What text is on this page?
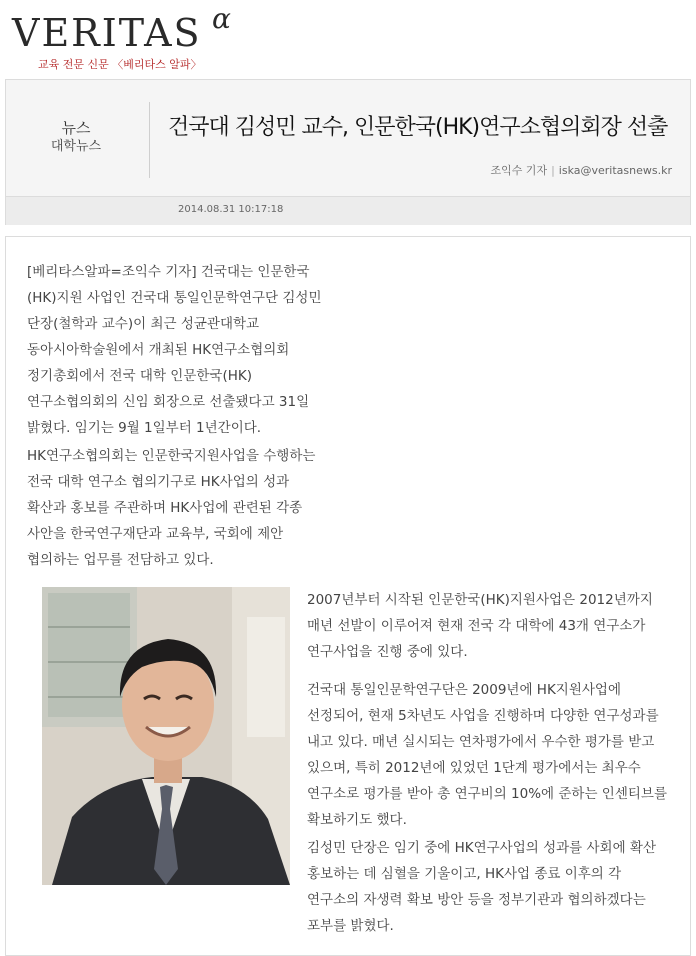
VERITAS α
교육 전문 신문 〈베리타스 알파〉
뉴스
대학뉴스
건국대 김성민 교수, 인문한국(HK)연구소협의회장 선출
조익수 기자 | iska@veritasnews.kr
2014.08.31 10:17:18

[베리타스알파=조익수 기자] 건국대는 인문한국(HK)지원 사업인 건국대 통일인문학연구단 김성민 단장(철학과 교수)이 최근 성균관대학교 동아시아학술원에서 개최된 HK연구소협의회 정기총회에서 전국 대학 인문한국(HK)연구소협의회의 신임 회장으로 선출됐다고 31일 밝혔다. 임기는 9월 1일부터 1년간이다.

HK연구소협의회는 인문한국지원사업을 수행하는 전국 대학 연구소 협의기구로 HK사업의 성과 확산과 홍보를 주관하며 HK사업에 관련된 각종 사안을 한국연구재단과 교육부, 국회에 제안 협의하는 업무를 전담하고 있다.

2007년부터 시작된 인문한국(HK)지원사업은 2012년까지 매년 선발이 이루어져 현재 전국 각 대학에 43개 연구소가 연구사업을 진행 중에 있다.

건국대 통일인문학연구단은 2009년에 HK지원사업에 선정되어, 현재 5차년도 사업을 진행하며 다양한 연구성과를 내고 있다. 매년 실시되는 연차평가에서 우수한 평가를 받고 있으며, 특히 2012년에 있었던 1단계 평가에서는 최우수 연구소로 평가를 받아 총 연구비의 10%에 준하는 인센티브를 확보하기도 했다.

김성민 단장은 임기 중에 HK연구사업의 성과를 사회에 확산 홍보하는 데 심혈을 기울이고, HK사업 종료 이후의 각 연구소의 자생력 확보 방안 등을 정부기관과 협의하겠다는 포부를 밝혔다.
